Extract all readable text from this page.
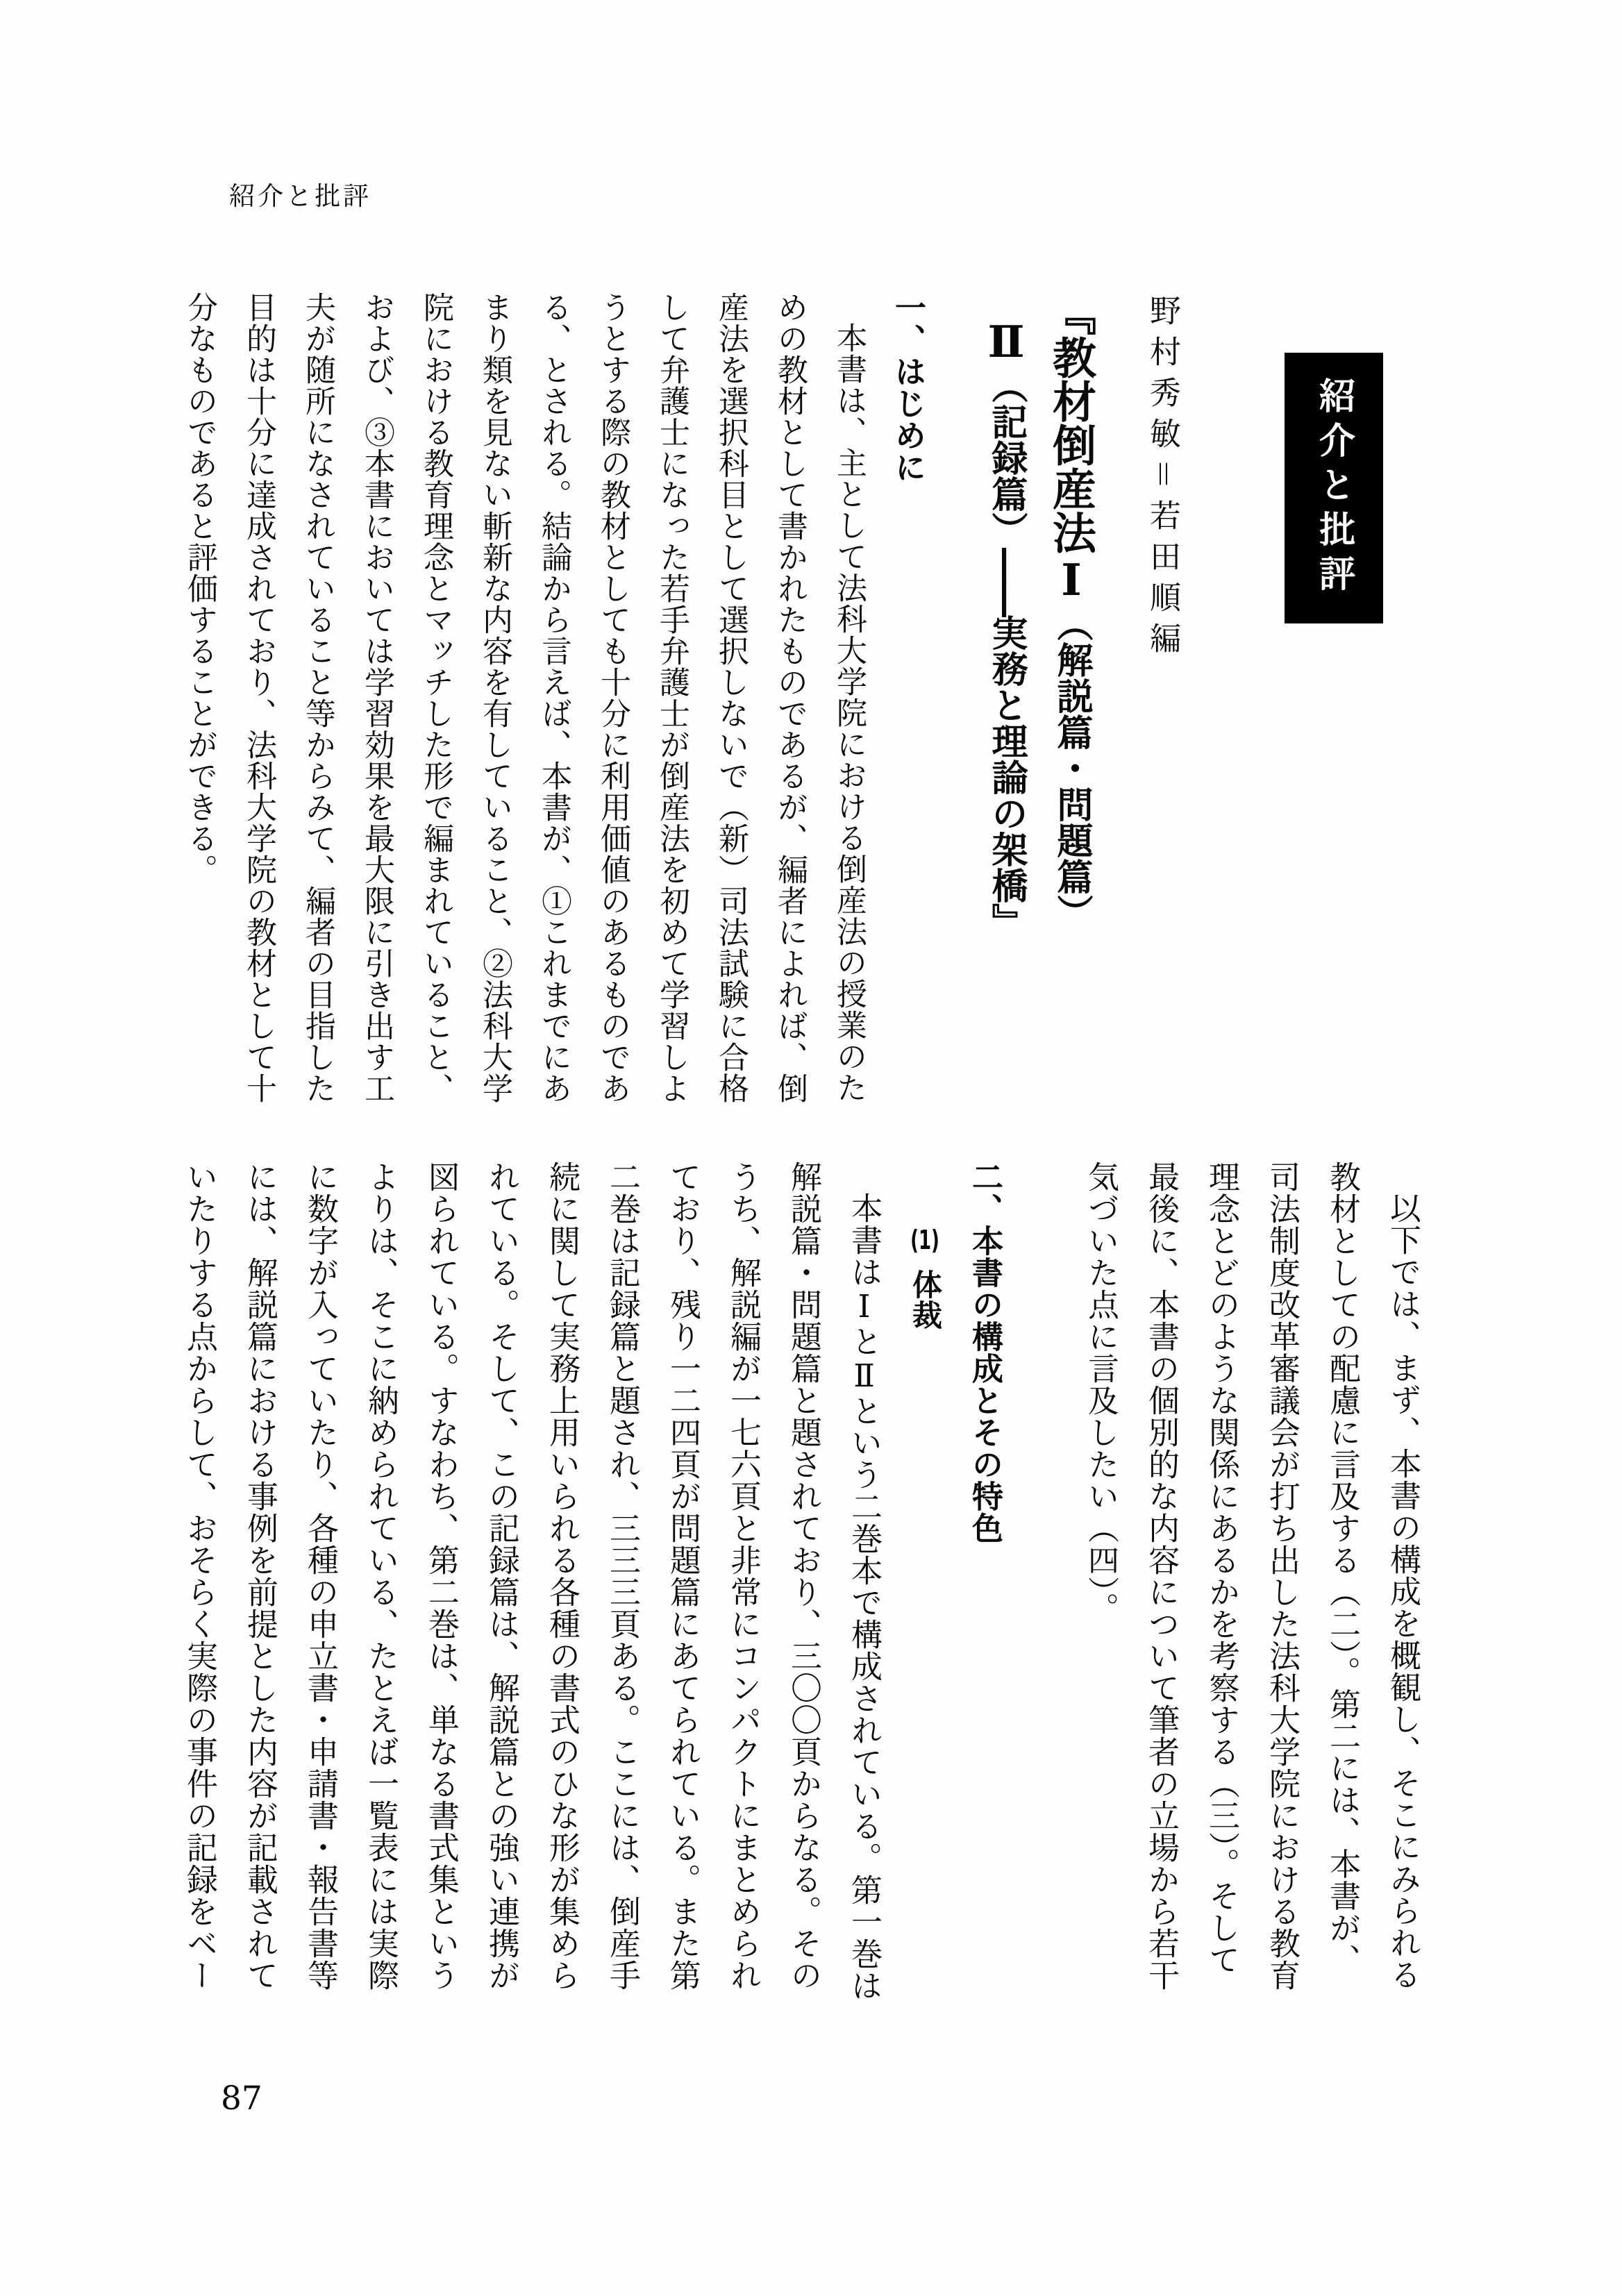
紹介と批評
紹介と批評
野村秀敏＝若田順編
『教材倒産法Ⅰ（解説篇・問題篇）
Ⅱ（記録篇）――実務と理論の架橋』
一、はじめに
本書は、主として法科大学院における倒産法の授業のた
めの教材として書かれたものであるが、編者によれば、倒
産法を選択科目として選択しないで（新）司法試験に合格
して弁護士になった若手弁護士が倒産法を初めて学習しよ
うとする際の教材としても十分に利用価値のあるものであ
る、とされる。結論から言えば、本書が、①これまでにあ
まり類を見ない斬新な内容を有していること、②法科大学
院における教育理念とマッチした形で編まれていること、
および、③本書においては学習効果を最大限に引き出す工
夫が随所になされていること等からみて、編者の目指した
目的は十分に達成されており、法科大学院の教材として十
分なものであると評価することができる。
以下では、まず、本書の構成を概観し、そこにみられる
教材としての配慮に言及する（二）。第二には、本書が、
司法制度改革審議会が打ち出した法科大学院における教育
理念とどのような関係にあるかを考察する（三）。そして
最後に、本書の個別的な内容について筆者の立場から若干
気づいた点に言及したい（四）。
二、本書の構成とその特色
(1)体裁
本書はⅠとⅡという二巻本で構成されている。第一巻は
解説篇・問題篇と題されており、三〇〇頁からなる。その
うち、解説編が一七六頁と非常にコンパクトにまとめられ
ており、残り一二四頁が問題篇にあてられている。また第
二巻は記録篇と題され、三三三頁ある。ここには、倒産手
続に関して実務上用いられる各種の書式のひな形が集めら
れている。そして、この記録篇は、解説篇との強い連携が
図られている。すなわち、第二巻は、単なる書式集という
よりは、そこに納められている、たとえば一覧表には実際
に数字が入っていたり、各種の申立書・申請書・報告書等
には、解説篇における事例を前提とした内容が記載されて
いたりする点からして、おそらく実際の事件の記録をベー
87
